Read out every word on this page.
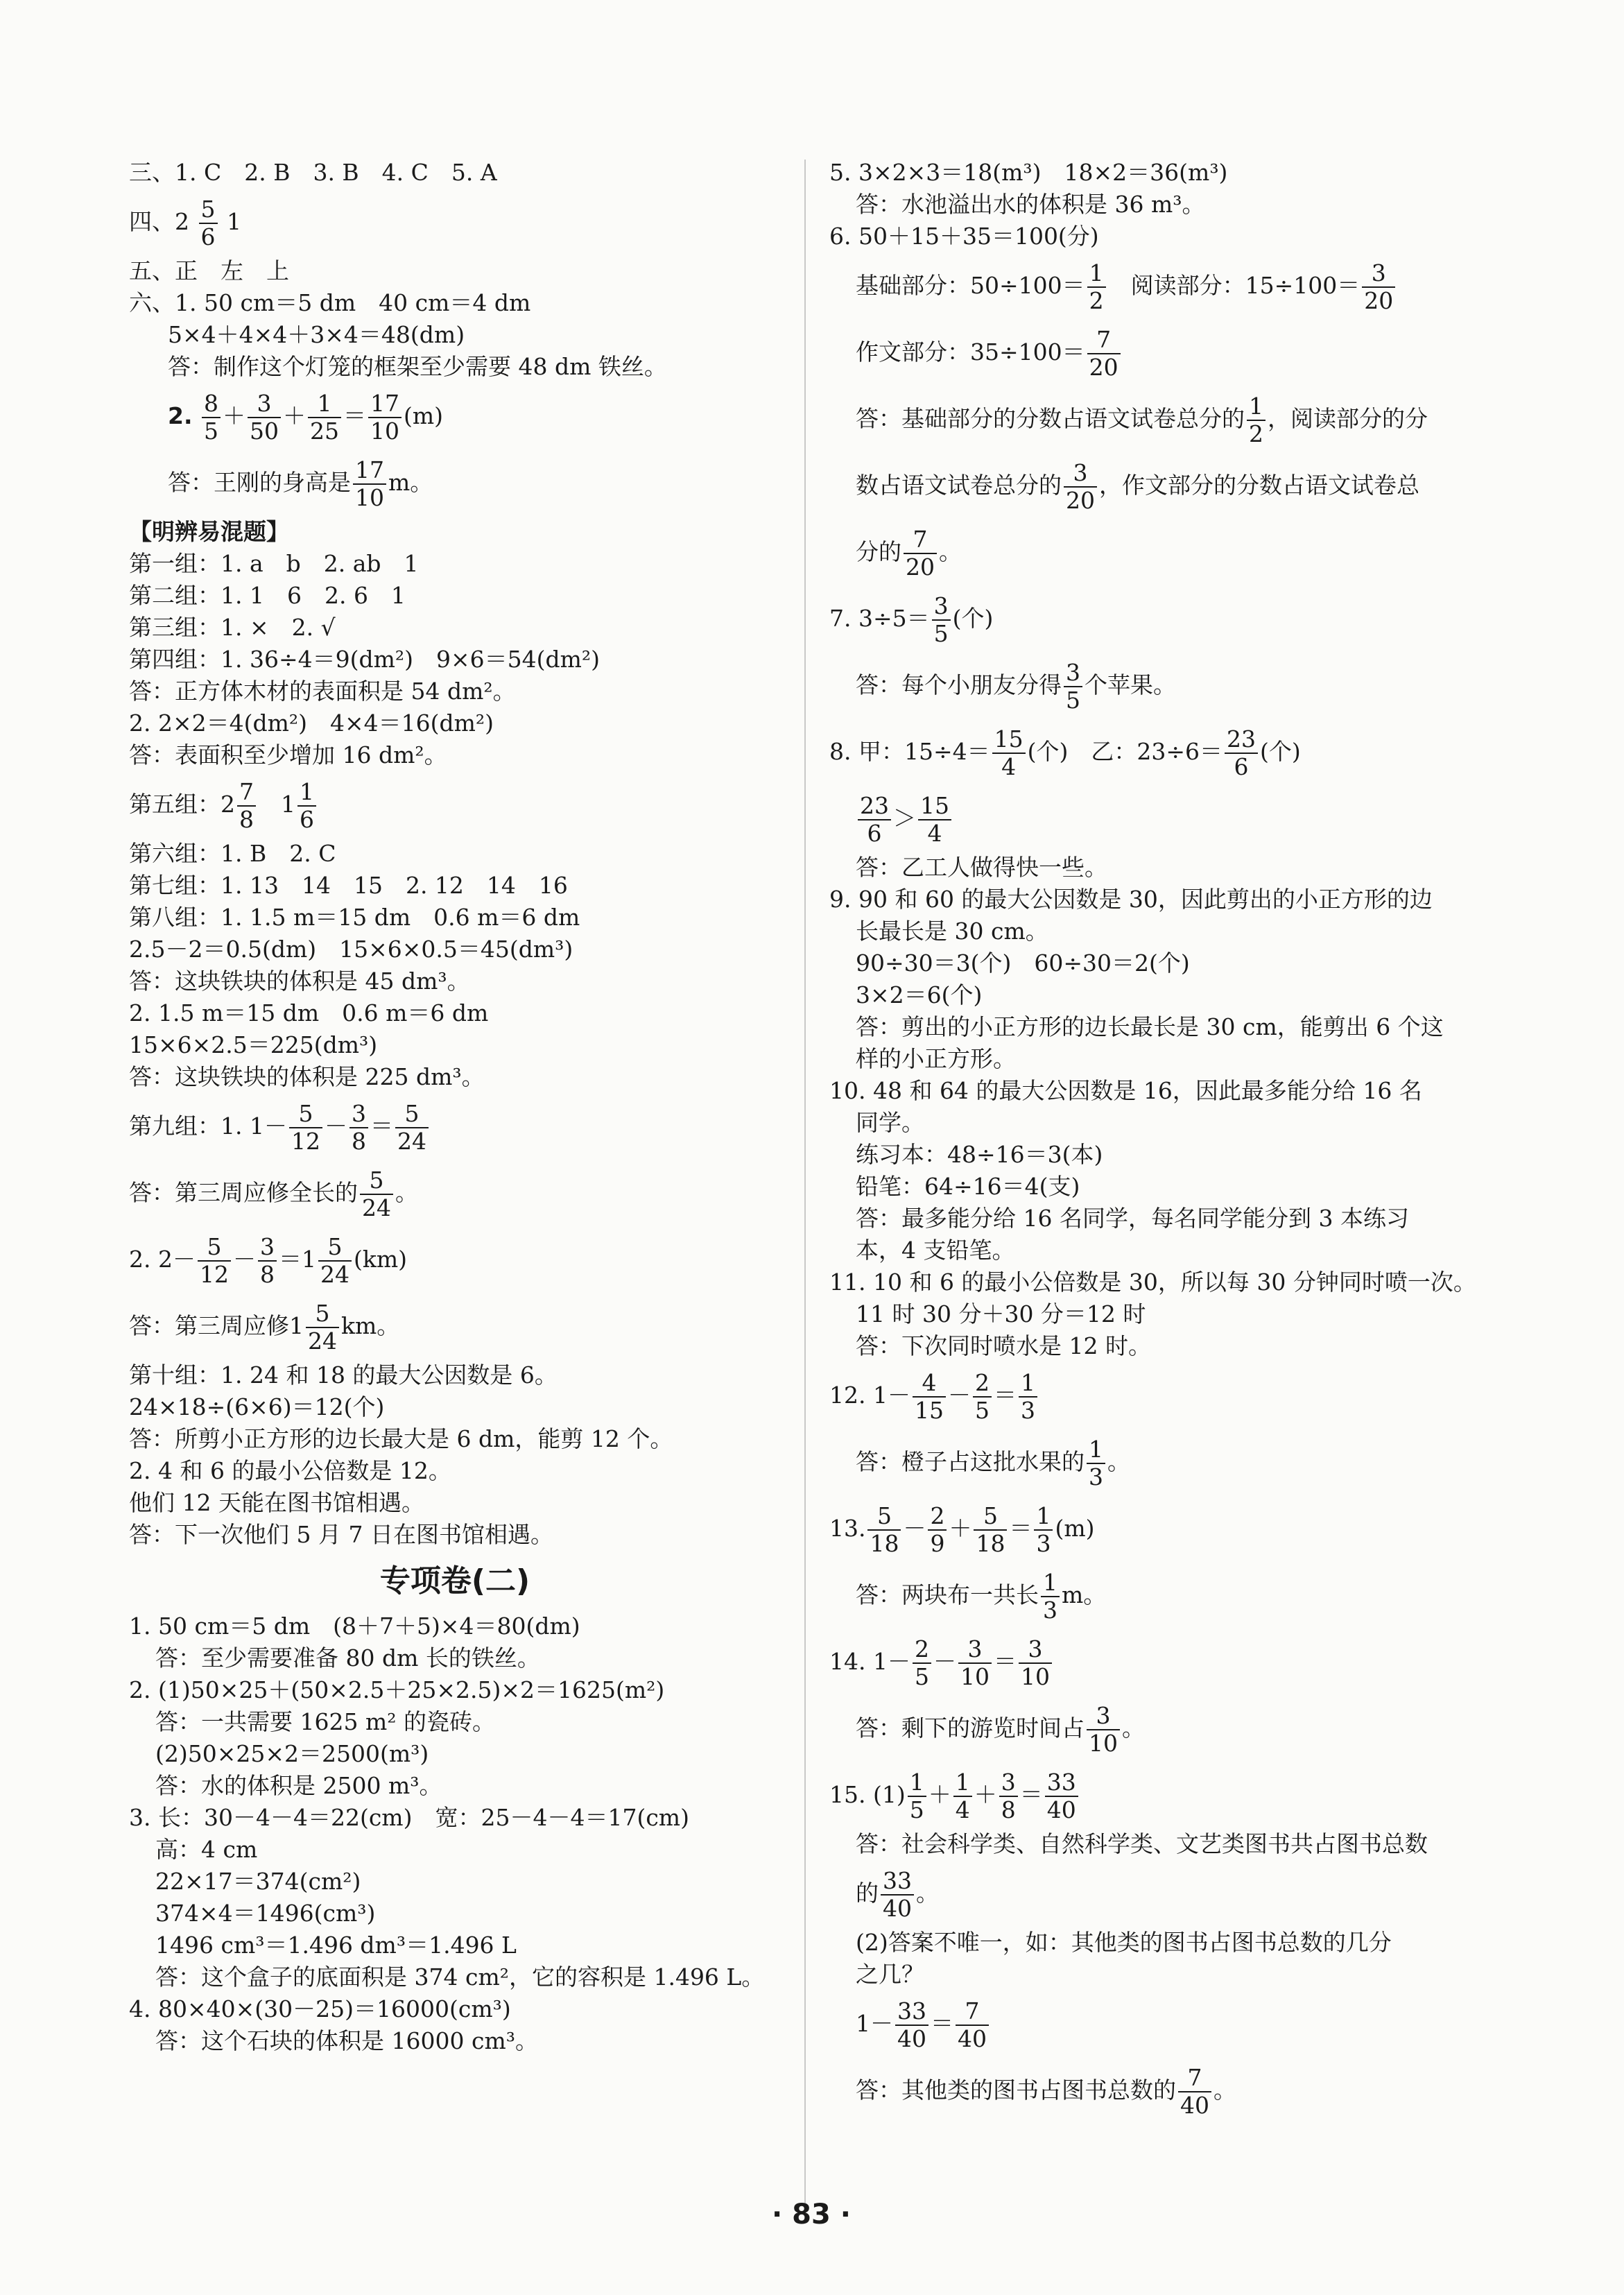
三、1. C　2. B　3. B　4. C　5. A
四、$2 \frac{5}{6} 1$
五、正　左　上
六、1. 50 cm＝5 dm　40 cm＝4 dm
5×4＋4×4＋3×4＝48(dm)
答：制作这个灯笼的框架至少需要 48 dm 铁丝。
2. $\frac{8}{5} + \frac{3}{50} + \frac{1}{25} = \frac{17}{10} (m)$
答：王刚的身高是 $\frac{17}{10}$ m。
【明辨易混题】
第一组：1. a　b　2. ab　1
第二组：1. 1　6　2. 6　1
第三组：1. ×　2. √
第四组：1. 36÷4＝9(dm²)　9×6＝54(dm²)
答：正方体木材的表面积是 54 dm²。
2. 2×2＝4(dm²)　4×4＝16(dm²)
答：表面积至少增加 16 dm²。
第五组：$2 \frac{7}{8}$
　 $1 \frac{1}{6}$
第六组：1. B　2. C
第七组：1. 13　14　15　2. 12　14　16
第八组：1. 1.5 m＝15 dm　0.6 m＝6 dm
2.5－2＝0.5(dm)　15×6×0.5＝45(dm³)
答：这块铁块的体积是 45 dm³。
2. 1.5 m＝15 dm　0.6 m＝6 dm
15×6×2.5＝225(dm³)
答：这块铁块的体积是 225 dm³。
第九组：1. $1- \frac{5}{12} - \frac{3}{8} = \frac{5}{24}$
答：第三周应修全长的 $\frac{5}{24}$ 。
2. $2- \frac{5}{12} - \frac{3}{8} =1 \frac{5}{24} (km)$
答：第三周应修$1 \frac{5}{24}$ km。
第十组：1. 24 和 18 的最大公因数是 6。
24×18÷(6×6)＝12(个)
答：所剪小正方形的边长最大是 6 dm，能剪 12 个。
2. 4 和 6 的最小公倍数是 12。
他们 12 天能在图书馆相遇。
答：下一次他们 5 月 7 日在图书馆相遇。
专项卷(二)
1. 50 cm＝5 dm　(8＋7＋5)×4＝80(dm)
答：至少需要准备 80 dm 长的铁丝。
2. (1)50×25＋(50×2.5＋25×2.5)×2＝1625(m²)
答：一共需要 1625 m² 的瓷砖。
(2)50×25×2＝2500(m³)
答：水的体积是 2500 m³。
3. 长：30－4－4＝22(cm)　宽：25－4－4＝17(cm)
高：4 cm
22×17＝374(cm²)
374×4＝1496(cm³)
1496 cm³＝1.496 dm³＝1.496 L
答：这个盒子的底面积是 374 cm²，它的容积是 1.496 L。
4. 80×40×(30－25)＝16000(cm³)
答：这个石块的体积是 16000 cm³。
5. 3×2×3＝18(m³)　18×2＝36(m³)
答：水池溢出水的体积是 36 m³。
6. 50＋15＋35＝100(分)
基础部分：$50\div 100= \frac{1}{2}$
　 阅读部分：$15\div 100= \frac{3}{20}$
作文部分：$35\div 100= \frac{7}{20}$
答：基础部分的分数占语文试卷总分的 $\frac{1}{2}$ ，阅读部分的分
数占语文试卷总分的 $\frac{3}{20}$ ，作文部分的分数占语文试卷总
分的 $\frac{7}{20}$ 。
7. $3\div 5= \frac{3}{5}$ (个)
答：每个小朋友分得 $\frac{3}{5}$ 个苹果。
8. 甲：$15\div 4= \frac{15}{4}$ (个)　乙：$23\div 6= \frac{23}{6}$ (个)
$\frac{23}{6} > \frac{15}{4}$
答：乙工人做得快一些。
9. 90 和 60 的最大公因数是 30，因此剪出的小正方形的边
长最长是 30 cm。
90÷30＝3(个)　60÷30＝2(个)
3×2＝6(个)
答：剪出的小正方形的边长最长是 30 cm，能剪出 6 个这
样的小正方形。
10. 48 和 64 的最大公因数是 16，因此最多能分给 16 名
同学。
练习本：48÷16＝3(本)
铅笔：64÷16＝4(支)
答：最多能分给 16 名同学，每名同学能分到 3 本练习
本，4 支铅笔。
11. 10 和 6 的最小公倍数是 30，所以每 30 分钟同时喷一次。
11 时 30 分＋30 分＝12 时
答：下次同时喷水是 12 时。
12. $1- \frac{4}{15} - \frac{2}{5} = \frac{1}{3}$
答：橙子占这批水果的 $\frac{1}{3}$ 。
13. $\frac{5}{18} - \frac{2}{9} + \frac{5}{18} = \frac{1}{3} (m)$
答：两块布一共长 $\frac{1}{3}$ m。
14. $1- \frac{2}{5} - \frac{3}{10} = \frac{3}{10}$
答：剩下的游览时间占 $\frac{3}{10}$ 。
15. $(1) \frac{1}{5} + \frac{1}{4} + \frac{3}{8} = \frac{33}{40}$
答：社会科学类、自然科学类、文艺类图书共占图书总数
的 $\frac{33}{40}$ 。
(2)答案不唯一，如：其他类的图书占图书总数的几分
之几？
$1- \frac{33}{40} = \frac{7}{40}$
答：其他类的图书占图书总数的 $\frac{7}{40}$ 。
· 83 ·
